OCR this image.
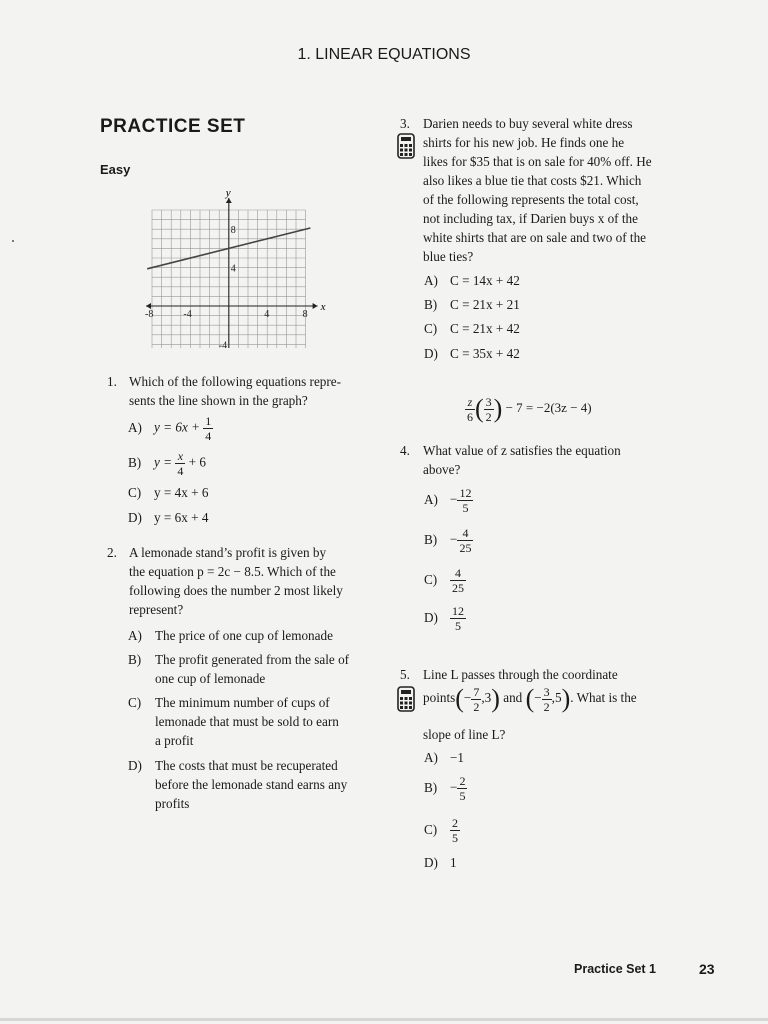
1. LINEAR EQUATIONS
PRACTICE SET
Easy
y
x
-8	-4	4	8
8
4
-4
1. Which of the following equations repre-
sents the line shown in the graph?
A) $y = 6x + \frac{1}{4}$
B) $y = \frac{x}{4} + 6$
C) y = 4x + 6
D) y = 6x + 4
2. A lemonade stand’s profit is given by
the equation p = 2c − 8.5. Which of the
following does the number 2 most likely
represent?
A) The price of one cup of lemonade
B) The profit generated from the sale of
one cup of lemonade
C) The minimum number of cups of
lemonade that must be sold to earn
a profit
D) The costs that must be recuperated
before the lemonade stand earns any
profits
3. Darien needs to buy several white dress
shirts for his new job. He finds one he
likes for $35 that is on sale for 40% off. He
also likes a blue tie that costs $21. Which
of the following represents the total cost,
not including tax, if Darien buys x of the
white shirts that are on sale and two of the
blue ties?
A) C = 14x + 42
B) C = 21x + 21
C) C = 21x + 42
D) C = 35x + 42
$\frac{z}{6}$ ( $\frac{3}{2}$ ) − 7 = −2(3z − 4)
4. What value of z satisfies the equation
above?
$A) - \frac{12}{5}$
$B) - \frac{4}{25}$
$C) \frac{4}{25}$
$D) \frac{12}{5}$
5. Line L passes through the coordinate
points(− $\frac{7}{2} ,3$) and (− $\frac{3}{2} ,5$). What is the
slope of line L?
A) −1
$B) - \frac{2}{5}$
$C) \frac{2}{5}$
D) 1
Practice Set 1	23
